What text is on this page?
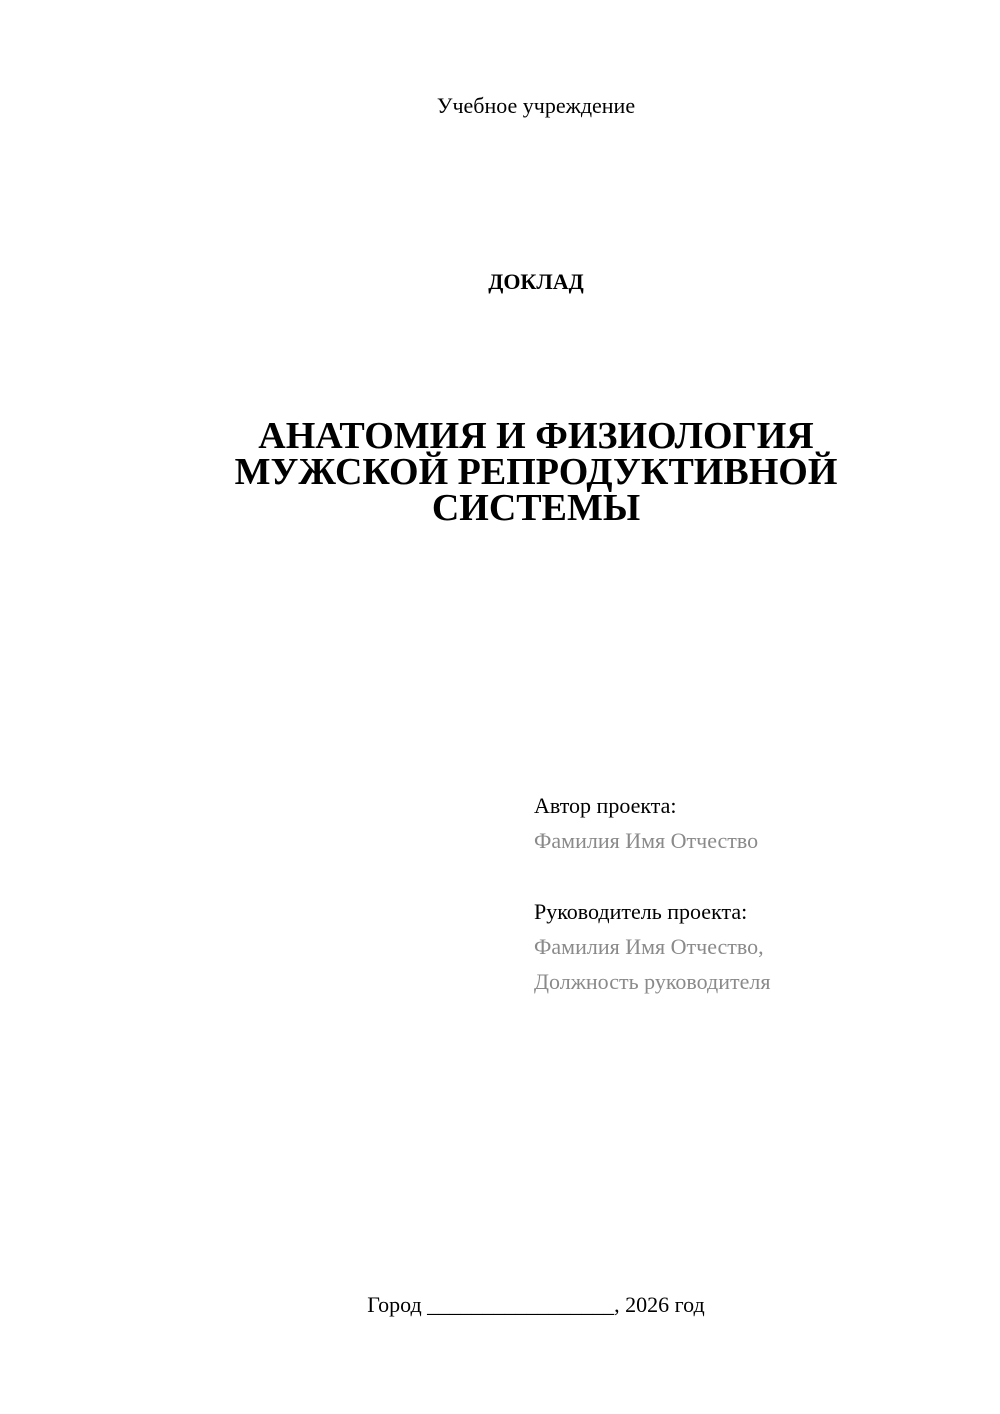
Учебное учреждение
ДОКЛАД
АНАТОМИЯ И ФИЗИОЛОГИЯ
МУЖСКОЙ РЕПРОДУКТИВНОЙ
СИСТЕМЫ
Автор проекта:
Фамилия Имя Отчество
Руководитель проекта:
Фамилия Имя Отчество,
Должность руководителя
Город _________________, 2026 год
